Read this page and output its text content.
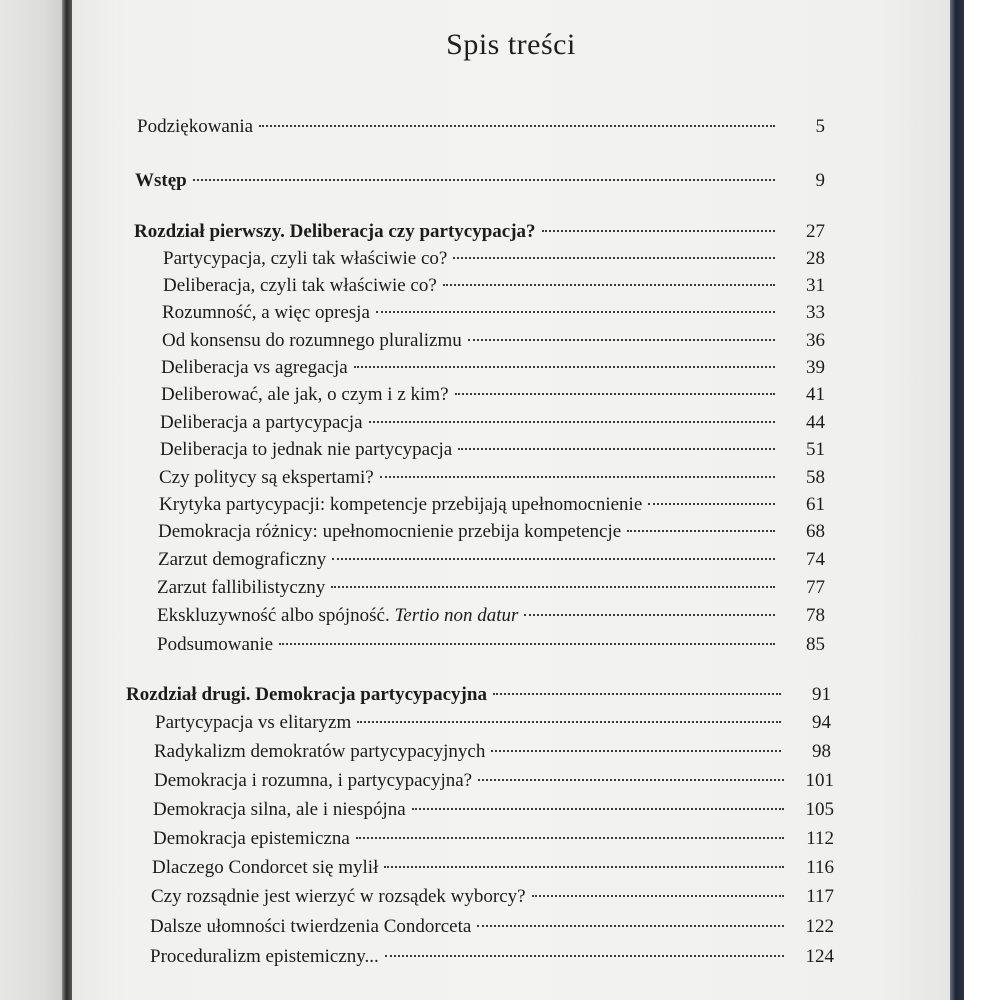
Spis treści
Podziękowania	5
Wstęp	9
Rozdział pierwszy. Deliberacja czy partycypacja?	27
Partycypacja, czyli tak właściwie co?	28
Deliberacja, czyli tak właściwie co?	31
Rozumność, a więc opresja	33
Od konsensu do rozumnego pluralizmu	36
Deliberacja vs agregacja	39
Deliberować, ale jak, o czym i z kim?	41
Deliberacja a partycypacja	44
Deliberacja to jednak nie partycypacja	51
Czy politycy są ekspertami?	58
Krytyka partycypacji: kompetencje przebijają upełnomocnienie	61
Demokracja różnicy: upełnomocnienie przebija kompetencje	68
Zarzut demograficzny	74
Zarzut fallibilistyczny	77
Ekskluzywność albo spójność. Tertio non datur	78
Podsumowanie	85
Rozdział drugi. Demokracja partycypacyjna	91
Partycypacja vs elitaryzm	94
Radykalizm demokratów partycypacyjnych	98
Demokracja i rozumna, i partycypacyjna?	101
Demokracja silna, ale i niespójna	105
Demokracja epistemiczna	112
Dlaczego Condorcet się mylił	116
Czy rozsądnie jest wierzyć w rozsądek wyborcy?	117
Dalsze ułomności twierdzenia Condorceta	122
Proceduralizm epistemiczny...	124
